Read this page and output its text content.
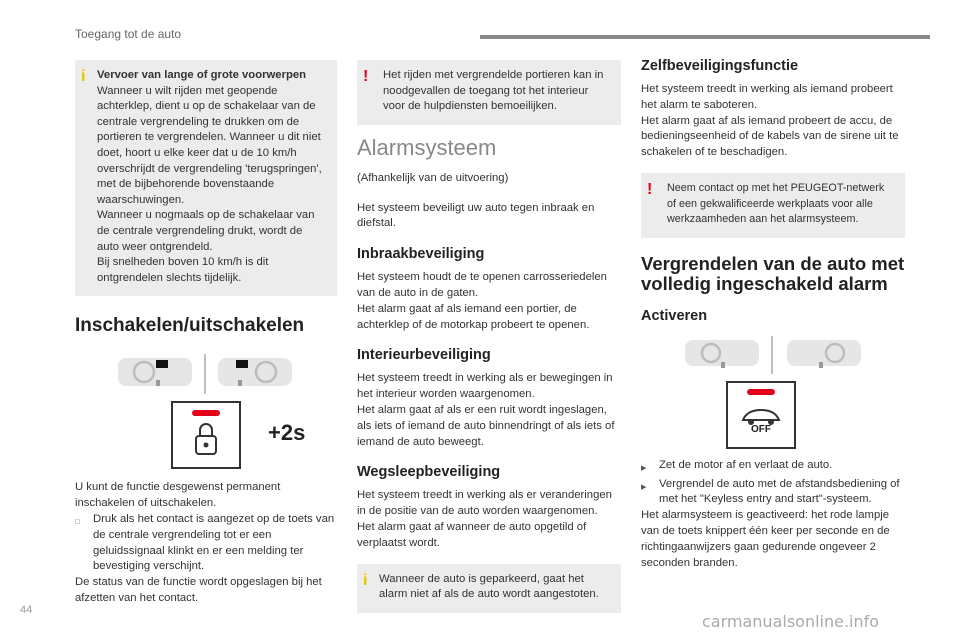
Toegang tot de auto
i Vervoer van lange of grote voorwerpen

Wanneer u wilt rijden met geopende achterklep, dient u op de schakelaar van de centrale vergrendeling te drukken om de portieren te vergrendelen. Wanneer u dit niet doet, hoort u elke keer dat u de 10 km/h overschrijdt de vergrendeling 'terugspringen', met de bijbehorende bovenstaande waarschuwingen.
Wanneer u nogmaals op de schakelaar van de centrale vergrendeling drukt, wordt de auto weer ontgrendeld.
Bij snelheden boven 10 km/h is dit ontgrendelen slechts tijdelijk.

Inschakelen/uitschakelen
+2s

U kunt de functie desgewenst permanent inschakelen of uitschakelen.

Druk als het contact is aangezet op de toets van de centrale vergrendeling tot er een geluidssignaal klinkt en er een melding ter bevestiging verschijnt.

De status van de functie wordt opgeslagen bij het afzetten van het contact.

! Het rijden met vergrendelde portieren kan in noodgevallen de toegang tot het interieur voor de hulpdiensten bemoeilijken.

Alarmsysteem

(Afhankelijk van de uitvoering)

Het systeem beveiligt uw auto tegen inbraak en diefstal.

Inbraakbeveiliging

Het systeem houdt de te openen carrosseriedelen van de auto in de gaten.
Het alarm gaat af als iemand een portier, de achterklep of de motorkap probeert te openen.

Interieurbeveiliging

Het systeem treedt in werking als er bewegingen in het interieur worden waargenomen.
Het alarm gaat af als er een ruit wordt ingeslagen, als iets of iemand de auto binnendringt of als iets of iemand de auto beweegt.

Wegsleepbeveiliging

Het systeem treedt in werking als er veranderingen in de positie van de auto worden waargenomen.
Het alarm gaat af wanneer de auto opgetild of verplaatst wordt.

i Wanneer de auto is geparkeerd, gaat het alarm niet af als de auto wordt aangestoten.

Zelfbeveiligingsfunctie

Het systeem treedt in werking als iemand probeert het alarm te saboteren.
Het alarm gaat af als iemand probeert de accu, de bedieningseenheid of de kabels van de sirene uit te schakelen of te beschadigen.

! Neem contact op met het PEUGEOT-netwerk of een gekwalificeerde werkplaats voor alle werkzaamheden aan het alarmsysteem.

Vergrendelen van de auto met volledig ingeschakeld alarm
Activeren
OFF
▶	Zet de motor af en verlaat de auto.
▶	Vergrendel de auto met de afstandsbediening of met het "Keyless entry and start"-systeem.

Het alarmsysteem is geactiveerd: het rode lampje van de toets knippert één keer per seconde en de richtingaanwijzers gaan gedurende ongeveer 2 seconden branden.

44
carmanualsonline.info
